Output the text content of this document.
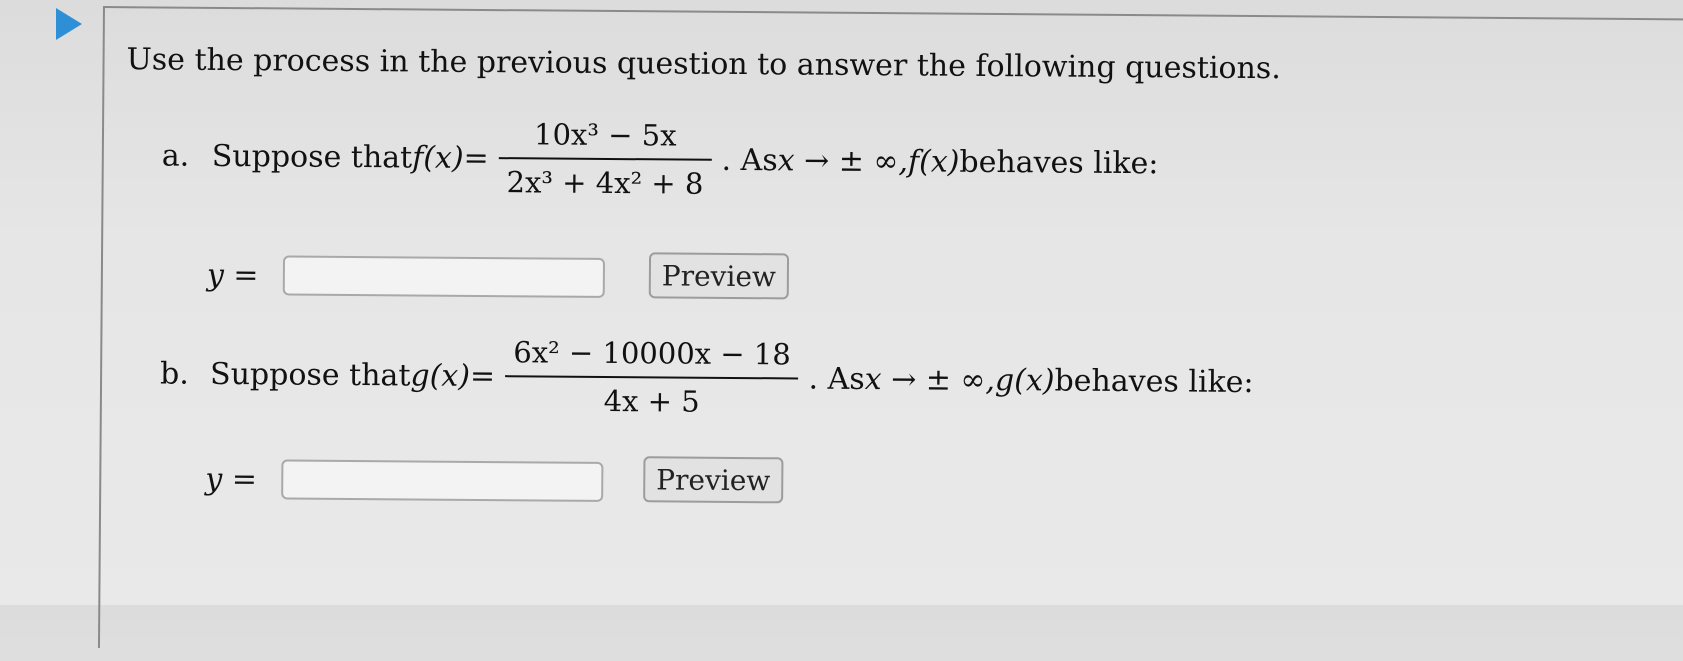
Use the process in the previous question to answer the following questions.
a. Suppose that $f(x) = \frac{\text{10x³ − 5x}}{\text{2x³ + 4x² + 8}}$ . As x → ± ∞, f(x) behaves like:
y =	Preview
b. Suppose that g(x) =
6x² − 10000x − 18
4x + 5
. As x → ± ∞, g(x) behaves like:
y =	Preview
